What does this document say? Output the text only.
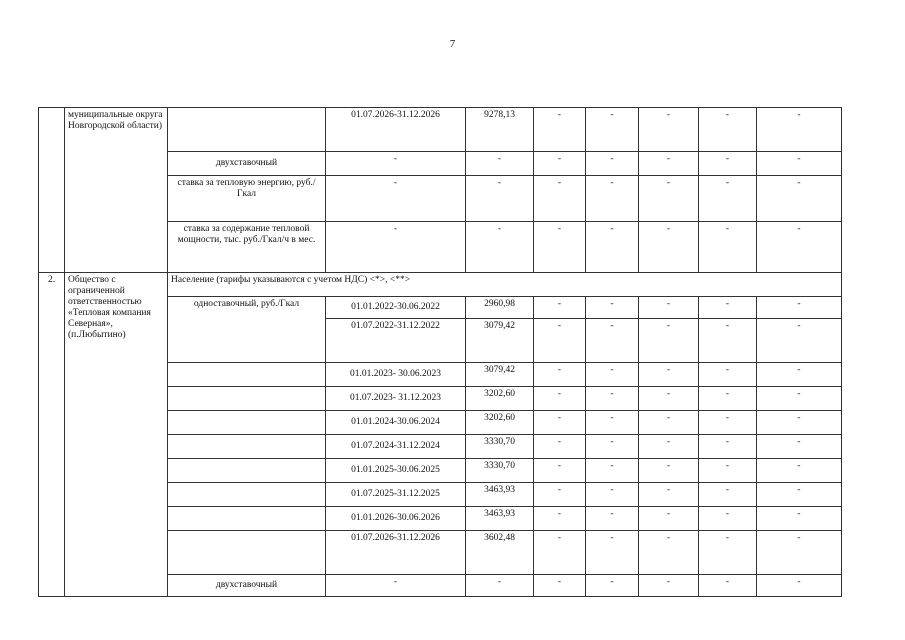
7
	муниципальные округа Новгородской области)		01.07.2026-31.12.2026	9278,13	-	-	-	-	-
		двухставочный	-	-	-	-	-	-	-
		ставка за тепловую энергию, руб./Гкал	-	-	-	-	-	-	-
		ставка за содержание тепловой мощности, тыс. руб./Гкал/ч в мес.	-	-	-	-	-	-	-
2.	Общество с ограниченной ответственностью «Тепловая компания Северная», (п.Любытино)	Население (тарифы указываются с учетом НДС) <*>, <**>							
		одноставочный, руб./Гкал	01.01.2022-30.06.2022	2960,98	-	-	-	-	-
			01.07.2022-31.12.2022	3079,42	-	-	-	-	-
			01.01.2023- 30.06.2023	3079,42	-	-	-	-	-
			01.07.2023- 31.12.2023	3202,60	-	-	-	-	-
			01.01.2024-30.06.2024	3202,60	-	-	-	-	-
			01.07.2024-31.12.2024	3330,70	-	-	-	-	-
			01.01.2025-30.06.2025	3330,70	-	-	-	-	-
			01.07.2025-31.12.2025	3463,93	-	-	-	-	-
			01.01.2026-30.06.2026	3463,93	-	-	-	-	-
			01.07.2026-31.12.2026	3602,48	-	-	-	-	-
		двухставочный	-	-	-	-	-	-	-
